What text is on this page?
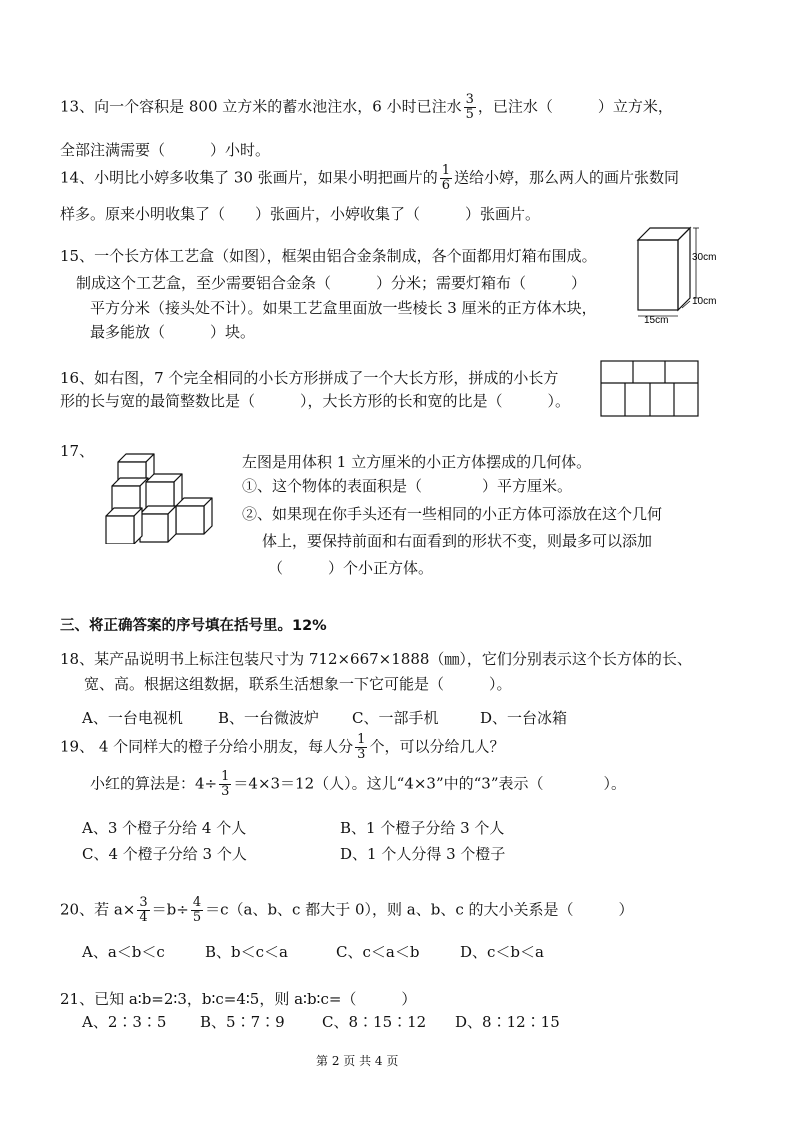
13、向一个容积是 800 立方米的蓄水池注水，6 小时已注水 $\frac{3}{5}$ ，已注水（　　　）立方米，
全部注满需要（　　　）小时。
14、小明比小婷多收集了 30 张画片，如果小明把画片的 $\frac{1}{6}$ 送给小婷，那么两人的画片张数同
样多。原来小明收集了（　　）张画片，小婷收集了（　　　）张画片。
15、一个长方体工艺盒（如图），框架由铝合金条制成，各个面都用灯箱布围成。
制成这个工艺盒，至少需要铝合金条（　　　）分米；需要灯箱布（　　　）
平方分米（接头处不计）。如果工艺盒里面放一些棱长 3 厘米的正方体木块，
最多能放（　　　）块。
30cm
10cm
15cm
16、如右图，7 个完全相同的小长方形拼成了一个大长方形，拼成的小长方
形的长与宽的最简整数比是（　　　），大长方形的长和宽的比是（　　　）。
17、
左图是用体积 1 立方厘米的小正方体摆成的几何体。
①、这个物体的表面积是（　　　　）平方厘米。
②、如果现在你手头还有一些相同的小正方体可添放在这个几何
体上，要保持前面和右面看到的形状不变，则最多可以添加
（　　　）个小正方体。
三、将正确答案的序号填在括号里。12%
18、某产品说明书上标注包装尺寸为 712×667×1888（㎜），它们分别表示这个长方体的长、
宽、高。根据这组数据，联系生活想象一下它可能是（　　　）。
A、一台电视机 B、一台微波炉 C、一部手机	D、一台冰箱
19、 4 个同样大的橙子分给小朋友，每人分 $\frac{1}{3}$ 个，可以分给几人？
小红的算法是：$4\div \frac{1}{3} =4\times 3=12$（人）。这儿“4×3”中的“3”表示（　　　　）。
A、3 个橙子分给 4 个人	B、1 个橙子分给 3 个人
C、4 个橙子分给 3 个人	D、1 个人分得 3 个橙子
20、若 $a\times \frac{3}{4} =b\div \frac{4}{5} =c(a$、b、c 都大于 0），则 a、b、c 的大小关系是（　　　）
A、a＜b＜c	B、b＜c＜a	C、c＜a＜b	D、c＜b＜a
21、已知 a∶b=2∶3，b∶c=4∶5，则 a∶b∶c=（　　　）
A、2∶3∶5 B、5∶7∶9 C、8∶15∶12 D、8∶12∶15
第 2 页 共 4 页
